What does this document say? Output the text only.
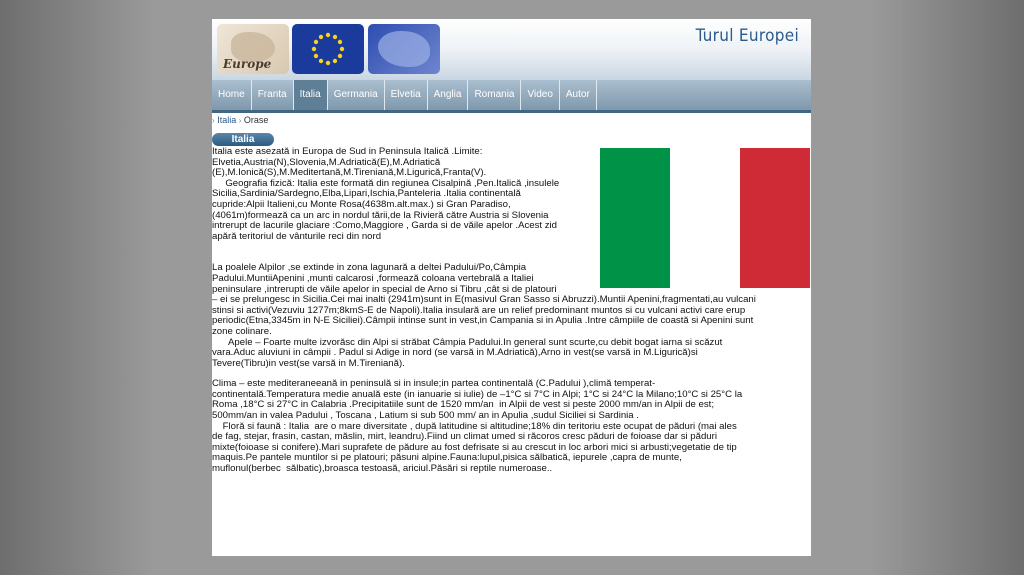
Europe
Turul Europei
Home	Franta	Italia	Germania	Elvetia	Anglia	Romania	Video	Autor
› Italia › Orase
Italia

Italia este asezată in Europa de Sud in Peninsula Italică .Limite:
Elvetia,Austria(N),Slovenia,M.Adriatică(E),M.Adriatică
(E),M.Ionică(S),M.Meditertană,M.Tireniană,M.Ligurică,Franta(V).
Geografia fizică: Italia este formată din regiunea Cisalpină ,Pen.Italică ,insulele
Sicilia,Sardinia/Sardegno,Elba,Lipari,Ischia,Panteleria .Italia continentală
cupride:Alpii Italieni,cu Monte Rosa(4638m.alt.max.) si Gran Paradiso,
(4061m)formează ca un arc in nordul tării,de la Rivieră către Austria si Slovenia
intrerupt de lacurile glaciare :Como,Maggiore , Garda si de văile apelor .Acest zid
apără teritoriul de vânturile reci din nord

La poalele Alpilor ,se extinde in zona lagunară a deltei Padului/Po,Câmpia
Padului.MuntiiApenini ,munti calcarosi ,formează coloana vertebrală a Italiei
peninsulare ,intrerupti de văile apelor in special de Arno si Tibru ,cât si de platouri

– ei se prelungesc in Sicilia.Cei mai inalti (2941m)sunt in E(masivul Gran Sasso si Abruzzi).Muntii Apenini,fragmentati,au vulcani
stinsi si activi(Vezuviu 1277m;8kmS-E de Napoli).Italia insulară are un relief predominant muntos si cu vulcani activi care erup
periodic(Etna,3345m in N-E Siciliei).Câmpii intinse sunt in vest,in Campania si in Apulia .Intre câmpiile de coastă si Apenini sunt
zone colinare.
Apele – Foarte multe izvorăsc din Alpi si străbat Câmpia Padului.In general sunt scurte,cu debit bogat iarna si scăzut
vara.Aduc aluviuni in câmpii . Padul si Adige in nord (se varsă in M.Adriatică),Arno in vest(se varsă in M.Ligurică)si
Tevere(Tibru)in vest(se varsă in M.Tireniană).

Clima – este mediteraneeană in peninsulă si in insule;in partea continentală (C.Padului ),climă temperat-
continentală.Temperatura medie anuală este (in ianuarie si iulie) de –1°C si 7°C in Alpi; 1°C si 24°C la Milano;10°C si 25°C la
Roma ,18°C si 27°C in Calabria .Precipitatiile sunt de 1520 mm/an  in Alpii de vest si peste 2000 mm/an in Alpii de est;
500mm/an in valea Padului , Toscana , Latium si sub 500 mm/ an in Apulia ,sudul Siciliei si Sardinia .
Floră si faună : Italia  are o mare diversitate , după latitudine si altitudine;18% din teritoriu este ocupat de păduri (mai ales
de fag, stejar, frasin, castan, măslin, mirt, leandru).Fiind un climat umed si răcoros cresc păduri de foioase dar si păduri
mixte(foioase si conifere).Mari suprafete de pădure au fost defrisate si au crescut in loc arbori mici si arbusti;vegetatie de tip
maquis.Pe pantele muntilor si pe platouri; păsuni alpine.Fauna:lupul,pisica sălbatică, iepurele ,capra de munte,
muflonul(berbec  sălbatic),broasca testoasă, ariciul.Păsări si reptile numeroase..
